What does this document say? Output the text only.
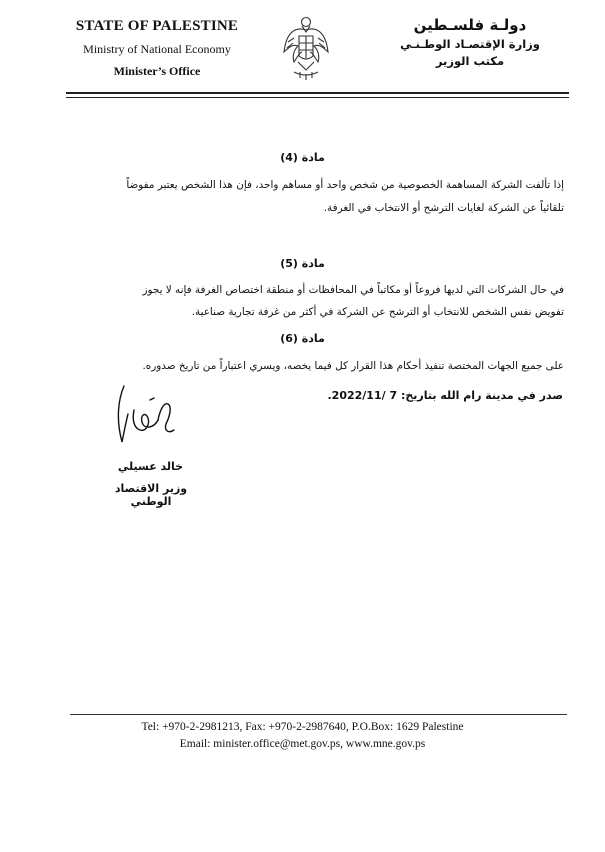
STATE OF PALESTINE
Ministry of National Economy
Minister’s Office
دولـة فلسـطين
وزارة الإقتصـاد الوطـنـي
مكتب الوزير
مادة (4)
إذا تألفت الشركة المساهمة الخصوصية من شخص واحد أو مساهم واحد، فإن هذا الشخص يعتبر مفوضاً
تلقائياً عن الشركة لغايات الترشح أو الانتخاب في الغرفة.
مادة (5)
في حال الشركات التي لديها فروعاً أو مكاتباً في المحافظات أو منطقة اختصاص الغرفة فإنه لا يجوز
تفويض نفس الشخص للانتخاب أو الترشح عن الشركة في أكثر من غرفة تجارية صناعية.
مادة (6)
على جميع الجهات المختصة تنفيذ أحكام هذا القرار كل فيما يخصه، ويسري اعتباراً من تاريخ صدوره.
صدر في مدينة رام الله بتاريخ: 7 /2022/11.
خالد عسيلي
وزير الاقتصاد الوطني
Tel: +970-2-2981213, Fax: +970-2-2987640, P.O.Box: 1629 Palestine
Email: minister.office@met.gov.ps, www.mne.gov.ps
